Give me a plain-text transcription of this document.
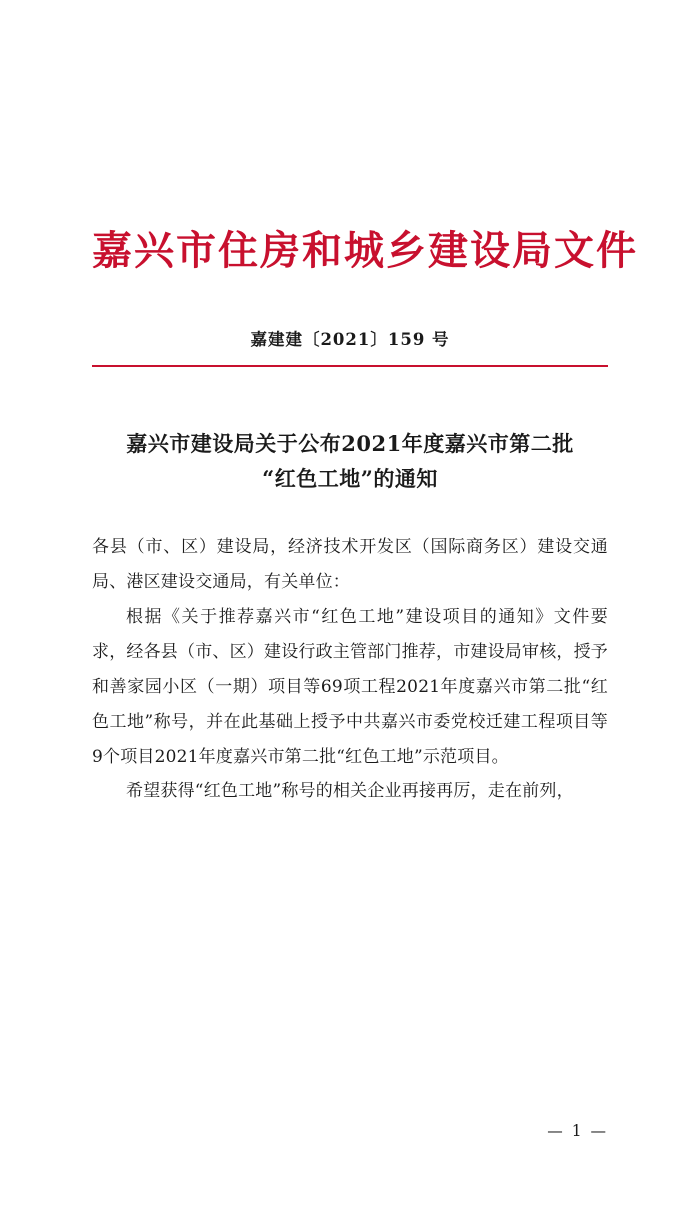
嘉兴市住房和城乡建设局文件
嘉建建〔2021〕159 号
嘉兴市建设局关于公布2021年度嘉兴市第二批
“红色工地”的通知

各县（市、区）建设局，经济技术开发区（国际商务区）建设交通局、港区建设交通局，有关单位：

根据《关于推荐嘉兴市“红色工地”建设项目的通知》文件要求，经各县（市、区）建设行政主管部门推荐，市建设局审核，授予和善家园小区（一期）项目等69项工程2021年度嘉兴市第二批“红色工地”称号，并在此基础上授予中共嘉兴市委党校迁建工程项目等9个项目2021年度嘉兴市第二批“红色工地”示范项目。

希望获得“红色工地”称号的相关企业再接再厉，走在前列，

— 1 —
